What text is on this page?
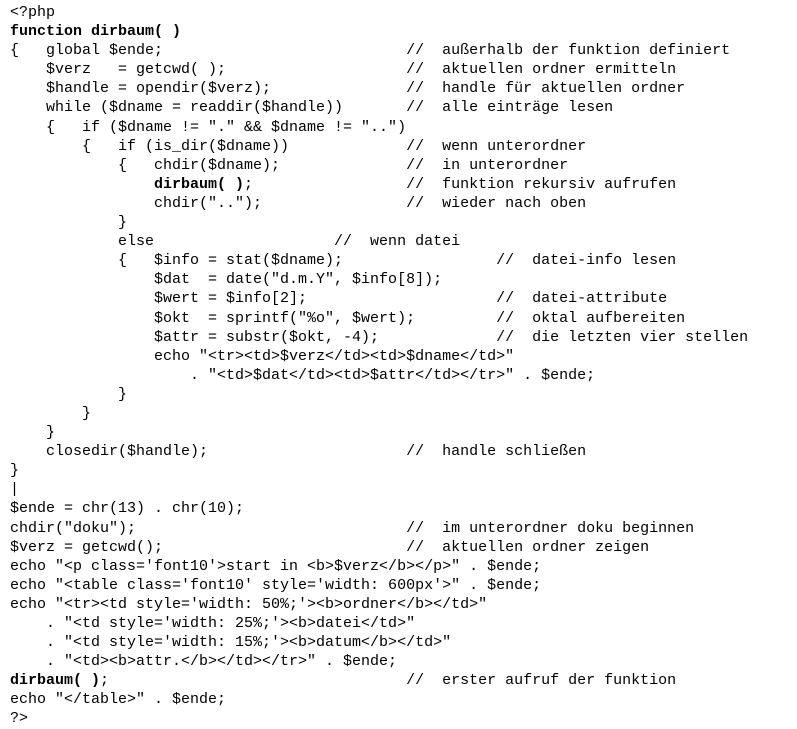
<?php
function dirbaum( )
{   global $ende;                           //  außerhalb der funktion definiert
$verz   = getcwd( );                    //  aktuellen ordner ermitteln
$handle = opendir($verz);               //  handle für aktuellen ordner
while ($dname = readdir($handle))       //  alle einträge lesen
{   if ($dname != "." && $dname != "..")
{   if (is_dir($dname))             //  wenn unterordner
{   chdir($dname);              //  in unterordner
dirbaum( );                 //  funktion rekursiv aufrufen
chdir("..");                //  wieder nach oben
}
else                    //  wenn datei
{   $info = stat($dname);                 //  datei-info lesen
$dat  = date("d.m.Y", $info[8]);
$wert = $info[2];                     //  datei-attribute
$okt  = sprintf("%o", $wert);         //  oktal aufbereiten
$attr = substr($okt, -4);             //  die letzten vier stellen
echo "<tr><td>$verz</td><td>$dname</td>"
. "<td>$dat</td><td>$attr</td></tr>" . $ende;
}
}
}
closedir($handle);                      //  handle schließen
}
|
$ende = chr(13) . chr(10);
chdir("doku");                              //  im unterordner doku beginnen
$verz = getcwd();                           //  aktuellen ordner zeigen
echo "<p class='font10'>start in <b>$verz</b></p>" . $ende;
echo "<table class='font10' style='width: 600px'>" . $ende;
echo "<tr><td style='width: 50%;'><b>ordner</b></td>"
. "<td style='width: 25%;'><b>datei</td>"
. "<td style='width: 15%;'><b>datum</b></td>"
. "<td><b>attr.</b></td></tr>" . $ende;
dirbaum( );                                 //  erster aufruf der funktion
echo "</table>" . $ende;
?>
